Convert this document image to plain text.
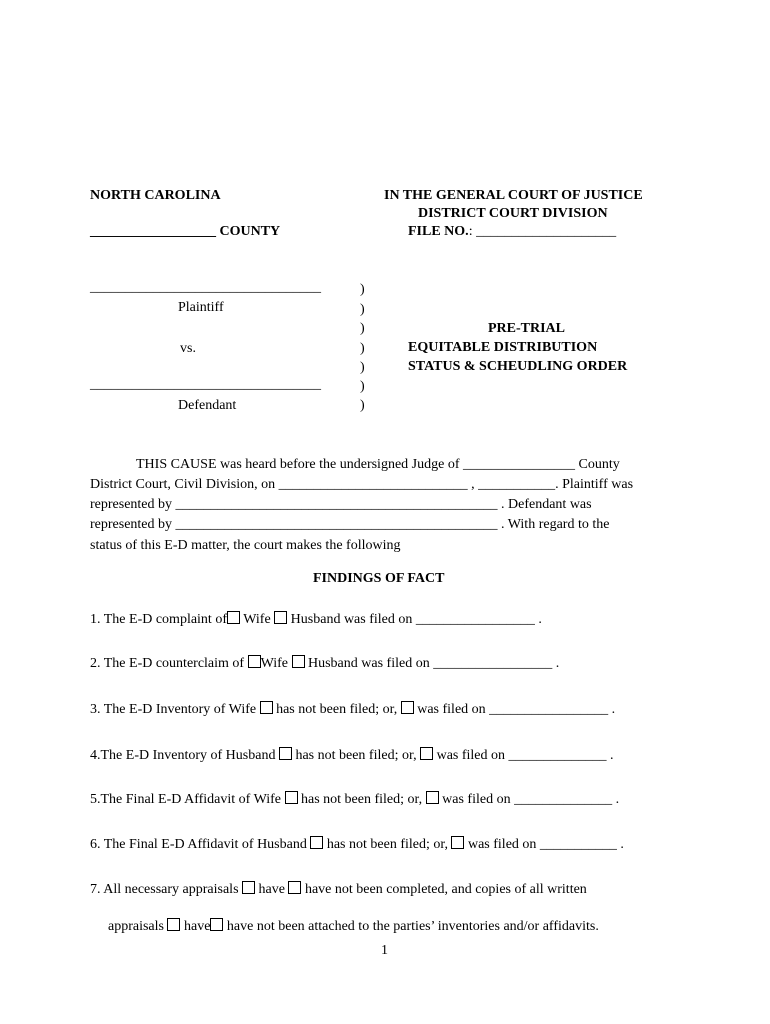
NORTH CAROLINA	IN THE GENERAL COURT OF JUSTICE
DISTRICT COURT DIVISION
__________________ COUNTY	FILE NO.: ____________________
_________________________________
Plaintiff
vs.
_________________________________
Defendant
)
)
)
)
)
)
)
PRE-TRIAL
EQUITABLE DISTRIBUTION
STATUS & SCHEUDLING ORDER
THIS CAUSE was heard before the undersigned Judge of ________________ County
District Court, Civil Division, on ___________________________ , ___________. Plaintiff was
represented by ______________________________________________ . Defendant was
represented by ______________________________________________ . With regard to the
status of this E-D matter, the court makes the following
FINDINGS OF FACT
1. The E-D complaint of Wife  Husband was filed on _________________ .
2. The E-D counterclaim of Wife  Husband was filed on _________________ .
3. The E-D Inventory of Wife  has not been filed; or,  was filed on _________________ .
4.The E-D Inventory of Husband  has not been filed; or,  was filed on ______________ .
5.The Final E-D Affidavit of Wife  has not been filed; or,  was filed on ______________ .
6. The Final E-D Affidavit of Husband  has not been filed; or,  was filed on ___________ .
7. All necessary appraisals  have  have not been completed, and copies of all written
appraisals  have have not been attached to the parties’ inventories and/or affidavits.
1
